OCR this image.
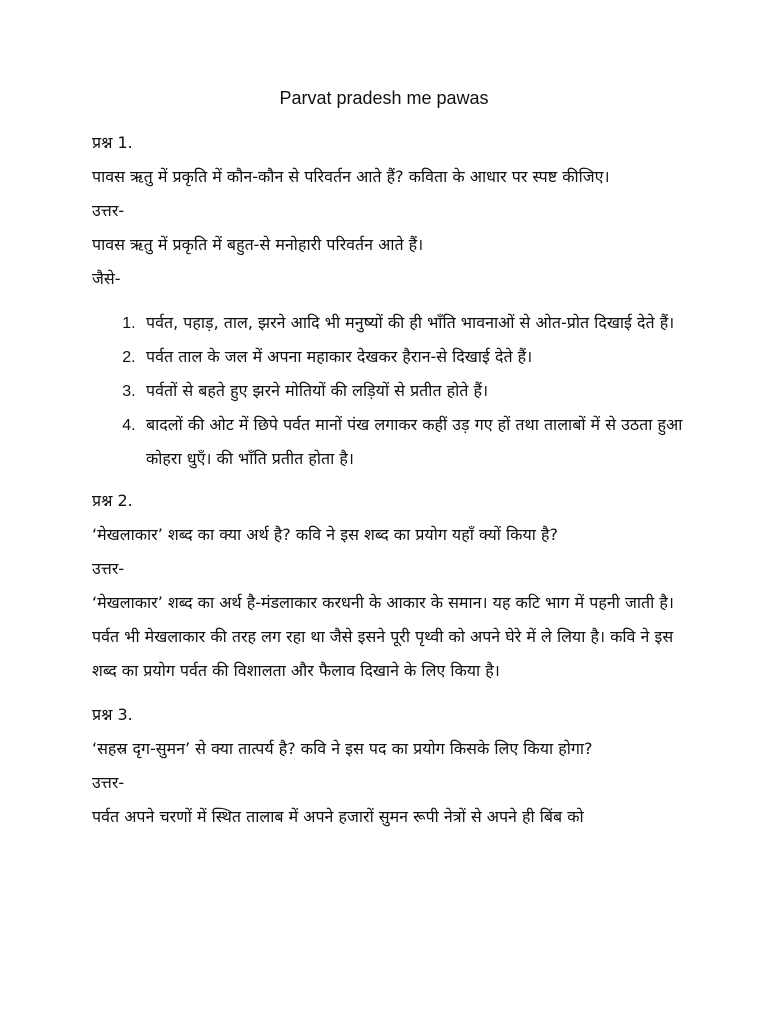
Parvat pradesh me pawas

प्रश्न 1.

पावस ऋतु में प्रकृति में कौन-कौन से परिवर्तन आते हैं? कविता के आधार पर स्पष्ट कीजिए।

उत्तर-

पावस ऋतु में प्रकृति में बहुत-से मनोहारी परिवर्तन आते हैं।

जैसे-

1. पर्वत, पहाड़, ताल, झरने आदि भी मनुष्यों की ही भाँति भावनाओं से ओत-प्रोत दिखाई देते हैं।
2. पर्वत ताल के जल में अपना महाकार देखकर हैरान-से दिखाई देते हैं।
3. पर्वतों से बहते हुए झरने मोतियों की लड़ियों से प्रतीत होते हैं।
4. बादलों की ओट में छिपे पर्वत मानों पंख लगाकर कहीं उड़ गए हों तथा तालाबों में से उठता हुआ कोहरा धुएँ। की भाँति प्रतीत होता है।

प्रश्न 2.

‘मेखलाकार’ शब्द का क्या अर्थ है? कवि ने इस शब्द का प्रयोग यहाँ क्यों किया है?

उत्तर-

‘मेखलाकार’ शब्द का अर्थ है-मंडलाकार करधनी के आकार के समान। यह कटि भाग में पहनी जाती है। पर्वत भी मेखलाकार की तरह लग रहा था जैसे इसने पूरी पृथ्वी को अपने घेरे में ले लिया है। कवि ने इस शब्द का प्रयोग पर्वत की विशालता और फैलाव दिखाने के लिए किया है।

प्रश्न 3.

‘सहस्र दृग-सुमन’ से क्या तात्पर्य है? कवि ने इस पद का प्रयोग किसके लिए किया होगा?

उत्तर-

पर्वत अपने चरणों में स्थित तालाब में अपने हजारों सुमन रूपी नेत्रों से अपने ही बिंब को
